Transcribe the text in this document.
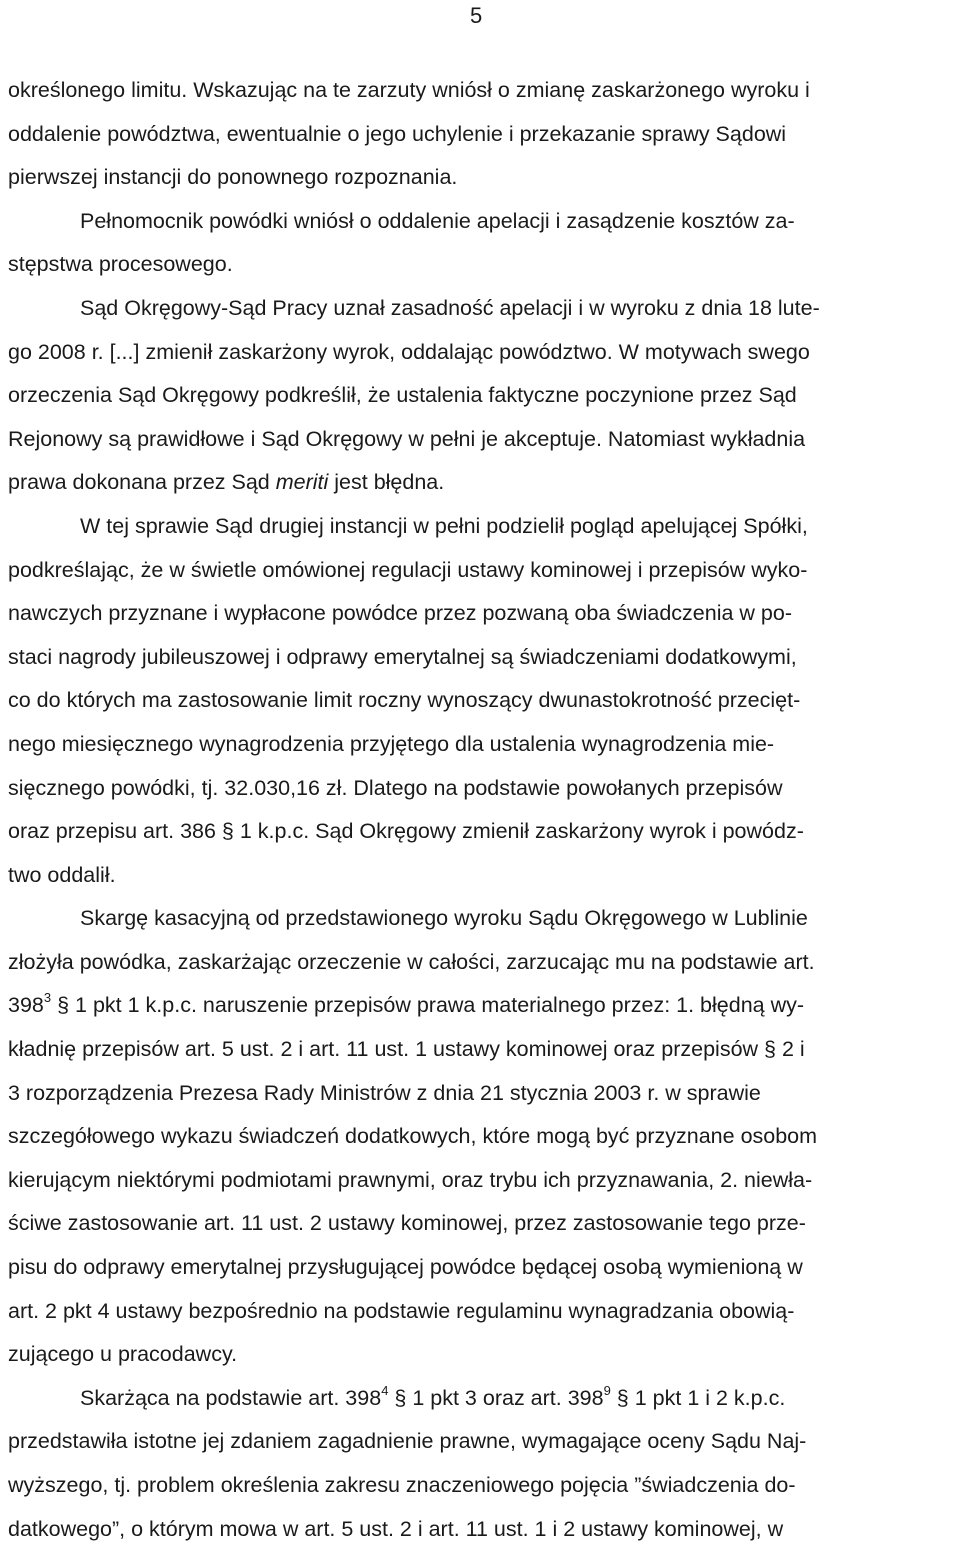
5
określonego limitu. Wskazując na te zarzuty wniósł o zmianę zaskarżonego wyroku i
oddalenie powództwa, ewentualnie o jego uchylenie i przekazanie sprawy Sądowi
pierwszej instancji do ponownego rozpoznania.
Pełnomocnik powódki wniósł o oddalenie apelacji i zasądzenie kosztów za-
stępstwa procesowego.
Sąd Okręgowy-Sąd Pracy uznał zasadność apelacji i w wyroku z dnia 18 lute-
go 2008 r. [...] zmienił zaskarżony wyrok, oddalając powództwo. W motywach swego
orzeczenia Sąd Okręgowy podkreślił, że ustalenia faktyczne poczynione przez Sąd
Rejonowy są prawidłowe i Sąd Okręgowy w pełni je akceptuje. Natomiast wykładnia
prawa dokonana przez Sąd meriti jest błędna.
W tej sprawie Sąd drugiej instancji w pełni podzielił pogląd apelującej Spółki,
podkreślając, że w świetle omówionej regulacji ustawy kominowej i przepisów wyko-
nawczych przyznane i wypłacone powódce przez pozwaną oba świadczenia w po-
staci nagrody jubileuszowej i odprawy emerytalnej są świadczeniami dodatkowymi,
co do których ma zastosowanie limit roczny wynoszący dwunastokrotność przecięt-
nego miesięcznego wynagrodzenia przyjętego dla ustalenia wynagrodzenia mie-
sięcznego powódki, tj. 32.030,16 zł. Dlatego na podstawie powołanych przepisów
oraz przepisu art. 386 § 1 k.p.c. Sąd Okręgowy zmienił zaskarżony wyrok i powódz-
two oddalił.
Skargę kasacyjną od przedstawionego wyroku Sądu Okręgowego w Lublinie
złożyła powódka, zaskarżając orzeczenie w całości, zarzucając mu na podstawie art.
$398^3$ § 1 pkt 1 k.p.c. naruszenie przepisów prawa materialnego przez: 1. błędną wy-
kładnię przepisów art. 5 ust. 2 i art. 11 ust. 1 ustawy kominowej oraz przepisów § 2 i
3 rozporządzenia Prezesa Rady Ministrów z dnia 21 stycznia 2003 r. w sprawie
szczegółowego wykazu świadczeń dodatkowych, które mogą być przyznane osobom
kierującym niektórymi podmiotami prawnymi, oraz trybu ich przyznawania, 2. niewła-
ściwe zastosowanie art. 11 ust. 2 ustawy kominowej, przez zastosowanie tego prze-
pisu do odprawy emerytalnej przysługującej powódce będącej osobą wymienioną w
art. 2 pkt 4 ustawy bezpośrednio na podstawie regulaminu wynagradzania obowią-
zującego u pracodawcy.
Skarżąca na podstawie art. $398^4$ § 1 pkt 3 oraz art. $398^9$ § 1 pkt 1 i 2 k.p.c.
przedstawiła istotne jej zdaniem zagadnienie prawne, wymagające oceny Sądu Naj-
wyższego, tj. problem określenia zakresu znaczeniowego pojęcia ”świadczenia do-
datkowego”, o którym mowa w art. 5 ust. 2 i art. 11 ust. 1 i 2 ustawy kominowej, w
